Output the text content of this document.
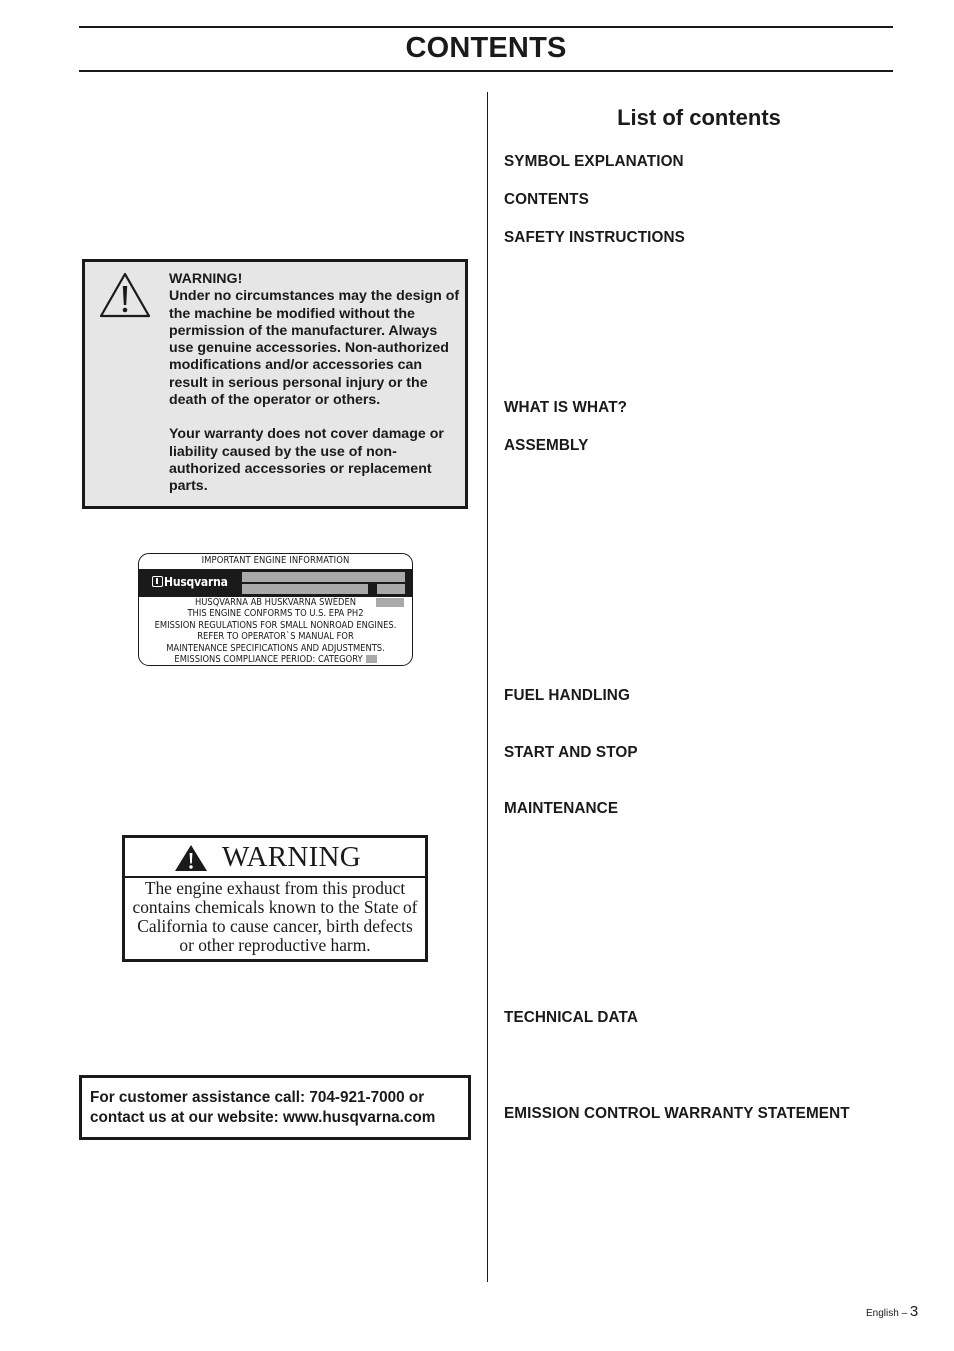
CONTENTS

WARNING!

Under no circumstances may the design of the machine be modified without the permission of the manufacturer. Always use genuine accessories. Non-authorized modifications and/or accessories can result in serious personal injury or the death of the operator or others.

Your warranty does not cover damage or liability caused by the use of non-authorized accessories or replacement parts.

IMPORTANT ENGINE INFORMATION
Husqvarna
HUSQVARNA AB HUSKVARNA SWEDEN
THIS ENGINE CONFORMS TO U.S. EPA PH2
EMISSION REGULATIONS FOR SMALL NONROAD ENGINES.
REFER TO OPERATOR`S MANUAL FOR
MAINTENANCE SPECIFICATIONS AND ADJUSTMENTS.
EMISSIONS COMPLIANCE PERIOD: CATEGORY
WARNING
The engine exhaust from this product contains chemicals known to the State of California to cause cancer, birth defects or other reproductive harm.
For customer assistance call: 704-921-7000 or contact us at our website: www.husqvarna.com
List of contents
SYMBOL EXPLANATION
CONTENTS
SAFETY INSTRUCTIONS
WHAT IS WHAT?
ASSEMBLY
FUEL HANDLING
START AND STOP
MAINTENANCE
TECHNICAL DATA
EMISSION CONTROL WARRANTY STATEMENT
English – 3
